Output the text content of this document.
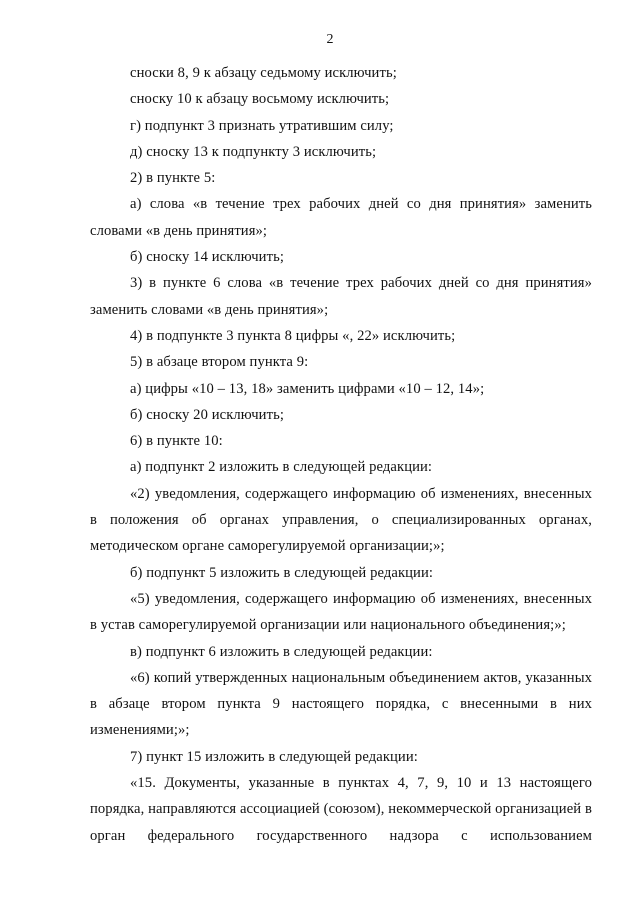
2

сноски 8, 9 к абзацу седьмому исключить;

сноску 10 к абзацу восьмому исключить;

г) подпункт 3 признать утратившим силу;

д) сноску 13 к подпункту 3 исключить;

2) в пункте 5:

а) слова «в течение трех рабочих дней со дня принятия» заменить словами «в день принятия»;

б) сноску 14 исключить;

3) в пункте 6 слова «в течение трех рабочих дней со дня принятия» заменить словами «в день принятия»;

4) в подпункте 3 пункта 8 цифры «, 22» исключить;

5) в абзаце втором пункта 9:

а) цифры «10 – 13, 18» заменить цифрами «10 – 12, 14»;

б) сноску 20 исключить;

6) в пункте 10:

а) подпункт 2 изложить в следующей редакции:

«2) уведомления, содержащего информацию об изменениях, внесенных в положения об органах управления, о специализированных органах, методическом органе саморегулируемой организации;»;

б) подпункт 5 изложить в следующей редакции:

«5) уведомления, содержащего информацию об изменениях, внесенных в устав саморегулируемой организации или национального объединения;»;

в) подпункт 6 изложить в следующей редакции:

«6) копий утвержденных национальным объединением актов, указанных в абзаце втором пункта 9 настоящего порядка, с внесенными в них изменениями;»;

7) пункт 15 изложить в следующей редакции:

«15. Документы, указанные в пунктах 4, 7, 9, 10 и 13 настоящего порядка, направляются ассоциацией (союзом), некоммерческой организацией в орган федерального государственного надзора с использованием
